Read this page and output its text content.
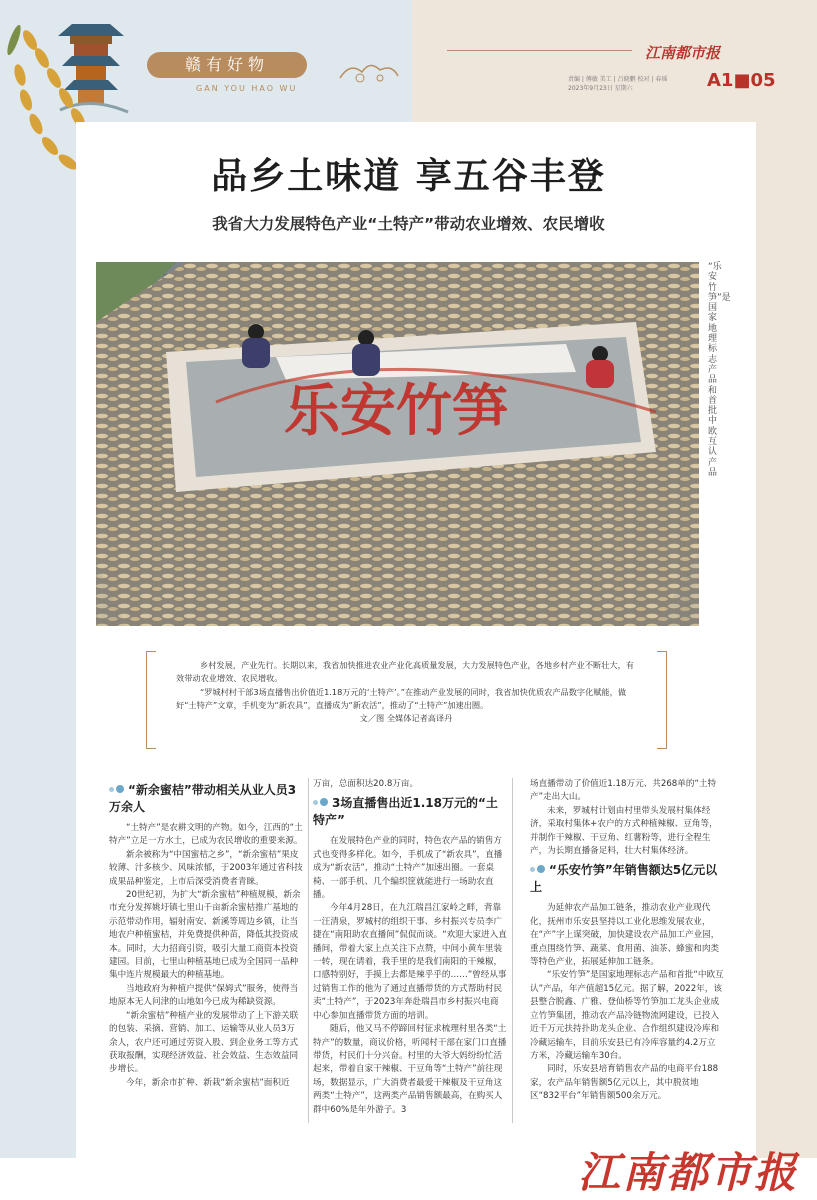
赣有好物
GAN YOU HAO WU
江南都市报
责编 | 傅敏 美工 | 吕晓鹏 校对 | 春瑶
2023年9月23日 星期六	A1■05
品乡土味道 享五谷丰登
我省大力发展特色产业“土特产”带动农业增效、农民增收
乐安竹笋
“乐安竹笋”是国家地理标志产品和首批中欧互认产品
乡村发展，产业先行。长期以来，我省加快推进农业产业化高质量发展，大力发展特色产业，各地乡村产业不断壮大，有效带动农业增效、农民增收。
“罗城村村干部3场直播售出价值近1.18万元的‘土特产’。”在推动产业发展的同时，我省加快优质农产品数字化赋能，做好“土特产”文章，手机变为“新农具”，直播成为“新农活”，推动了“土特产”加速出圈。
文／图 全媒体记者高译丹
“新余蜜桔”带动相关从业人员3万余人

“土特产”是农耕文明的产物。如今，江西的“土特产”立足一方水土，已成为农民增收的重要来源。

新余被称为“中国蜜桔之乡”，“新余蜜桔”果皮较薄、汁多核少、风味浓郁，于2003年通过省科技成果品种鉴定，上市后深受消费者青睐。

20世纪初，为扩大“新余蜜桔”种植规模，新余市充分发挥姚圩镇七里山千亩新余蜜桔推广基地的示范带动作用，辐射南安、新溪等周边乡镇，让当地农户种植蜜桔，并免费提供种苗，降低其投资成本。同时，大力招商引资，吸引大量工商资本投资建园。目前，七里山种植基地已成为全国同一品种集中连片规模最大的种植基地。

当地政府为种植户提供“保姆式”服务，使得当地原本无人问津的山地如今已成为稀缺资源。

“新余蜜桔”种植产业的发展带动了上下游关联的包装、采摘、营销、加工、运输等从业人员3万余人，农户还可通过劳资入股、到企业务工等方式获取报酬，实现经济效益、社会效益、生态效益同步增长。

今年，新余市扩种、新栽“新余蜜桔”面积近

万亩，总面积达20.8万亩。

3场直播售出近1.18万元的“土特产”

在发展特色产业的同时，特色农产品的销售方式也变得多样化。如今，手机成了“新农具”，直播成为“新农活”，推动“土特产”加速出圈。一套桌椅、一部手机、几个编织筐就能进行一场助农直播。

今年4月28日，在九江瑞昌江家岭之畔，背靠一汪清泉，罗城村的组织干事、乡村振兴专员李广捷在“南阳助农直播间”侃侃而谈。“欢迎大家进入直播间，带着大家上点关注下点赞，中间小黄车里装一转，现在请着，我手里的是我们南阳的干辣椒，口感特别好，手摸上去都是辣乎乎的……”曾经从事过销售工作的他为了通过直播带货的方式帮助村民卖“土特产”，于2023年奔赴瑞昌市乡村振兴电商中心参加直播带货方面的培训。

随后，他又马不停蹄回村征求梳理村里各类“土特产”的数量，商议价格，听闻村干部在家门口直播带货，村民们十分兴奋。村里的大爷大妈纷纷忙活起来，带着自家干辣椒、干豆角等“土特产”前往现场，数据显示，广大消费者最爱干辣椒及干豆角这两类“土特产”，这两类产品销售额最高，在购买人群中60%是年外游子。3

场直播带动了价值近1.18万元、共268单的“土特产”走出大山。

未来，罗城村计划由村里带头发展村集体经济，采取村集体+农户的方式种植辣椒、豆角等，并制作干辣椒、干豆角、红薯粉等，进行全程生产，为长期直播备足料，壮大村集体经济。

“乐安竹笋”年销售额达5亿元以上

为延伸农产品加工链条，推动农业产业现代化，抚州市乐安县坚持以工业化思维发展农业，在“产”字上谋突破，加快建设农产品加工产业园，重点围绕竹笋、蔬菜、食用菌、油茶、蜂蜜和肉类等特色产业，拓展延伸加工链条。

“乐安竹笋”是国家地理标志产品和首批“中欧互认”产品，年产值超15亿元。据了解，2022年，该县整合脱鑫、广雅、登仙桥等竹笋加工龙头企业成立竹笋集团，推动农产品冷链物流网建设，已投入近千万元扶持扑助龙头企业、合作组织建设冷库和冷藏运输车，目前乐安县已有冷库容量约4.2万立方米，冷藏运输车30台。

同时，乐安县培育销售农产品的电商平台188家，农产品年销售额5亿元以上，其中脱贫地区“832平台”年销售额500余万元。

江南都市报
